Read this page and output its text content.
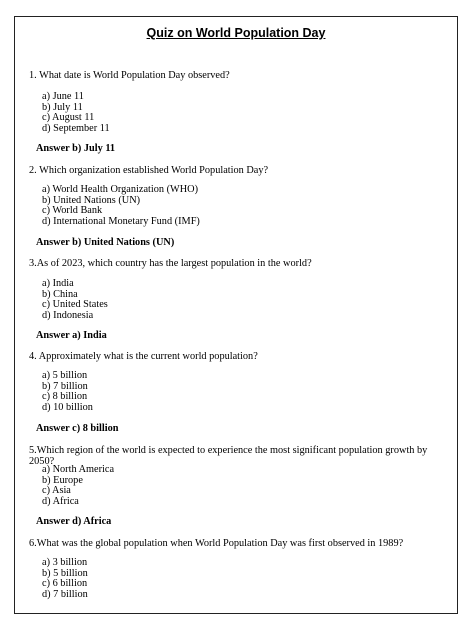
Quiz on World Population Day
1. What date is World Population Day observed?
a) June 11
b) July 11
c) August 11
d) September 11
Answer b) July 11
2. Which organization established World Population Day?
a) World Health Organization (WHO)
b) United Nations (UN)
c) World Bank
d) International Monetary Fund (IMF)
Answer b) United Nations (UN)
3.As of 2023, which country has the largest population in the world?
a) India
b) China
c) United States
d) Indonesia
Answer a) India
4. Approximately what is the current world population?
a) 5 billion
b) 7 billion
c) 8 billion
d) 10 billion
Answer c) 8 billion
5.Which region of the world is expected to experience the most significant population growth by 2050?
a) North America
b) Europe
c) Asia
d) Africa
Answer d) Africa
6.What was the global population when World Population Day was first observed in 1989?
a) 3 billion
b) 5 billion
c) 6 billion
d) 7 billion
